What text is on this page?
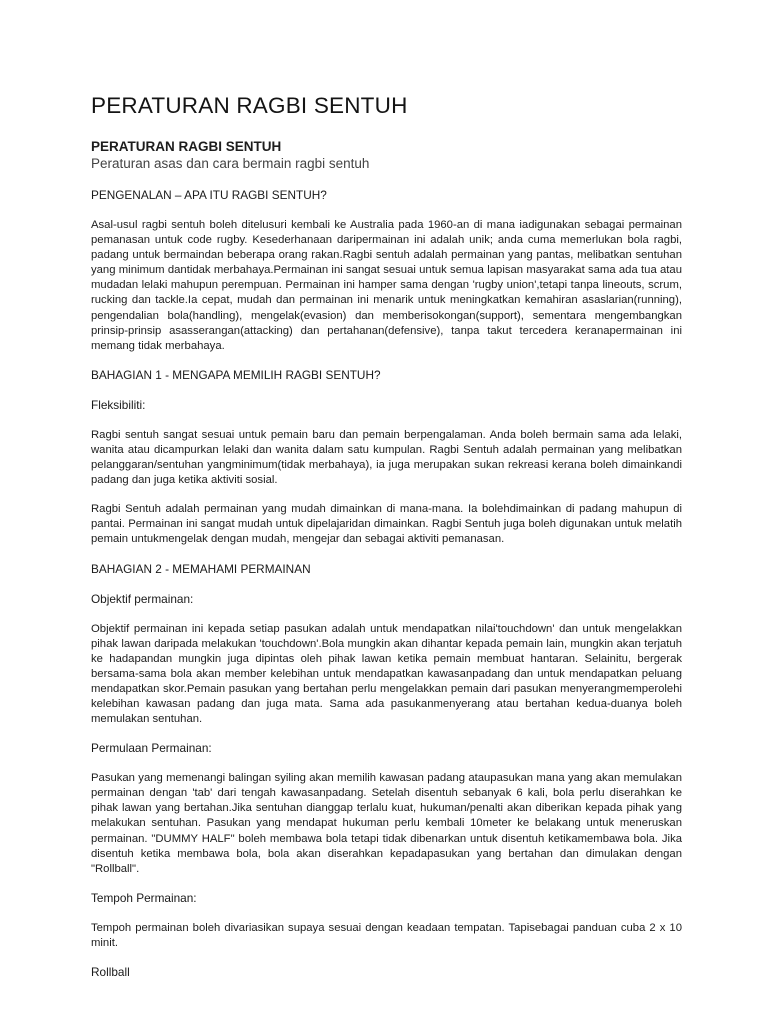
PERATURAN RAGBI SENTUH
PERATURAN RAGBI SENTUH
Peraturan asas dan cara bermain ragbi sentuh
PENGENALAN – APA ITU RAGBI SENTUH?

Asal-usul ragbi sentuh boleh ditelusuri kembali ke Australia pada 1960-an di mana iadigunakan sebagai permainan pemanasan untuk code rugby. Kesederhanaan daripermainan ini adalah unik; anda cuma memerlukan bola ragbi, padang untuk bermaindan beberapa orang rakan.Ragbi sentuh adalah permainan yang pantas, melibatkan sentuhan yang minimum dantidak merbahaya.Permainan ini sangat sesuai untuk semua lapisan masyarakat sama ada tua atau mudadan lelaki mahupun perempuan. Permainan ini hamper sama dengan 'rugby union',tetapi tanpa lineouts, scrum, rucking dan tackle.Ia cepat, mudah dan permainan ini menarik untuk meningkatkan kemahiran asaslarian(running), pengendalian bola(handling), mengelak(evasion) dan memberisokongan(support), sementara mengembangkan prinsip-prinsip asasserangan(attacking) dan pertahanan(defensive), tanpa takut tercedera keranapermainan ini memang tidak merbahaya.

BAHAGIAN 1 - MENGAPA MEMILIH RAGBI SENTUH?
Fleksibiliti:

Ragbi sentuh sangat sesuai untuk pemain baru dan pemain berpengalaman. Anda boleh bermain sama ada lelaki, wanita atau dicampurkan lelaki dan wanita dalam satu kumpulan. Ragbi Sentuh adalah permainan yang melibatkan pelanggaran/sentuhan yangminimum(tidak merbahaya), ia juga merupakan sukan rekreasi kerana boleh dimainkandi padang dan juga ketika aktiviti sosial.

Ragbi Sentuh adalah permainan yang mudah dimainkan di mana-mana. Ia bolehdimainkan di padang mahupun di pantai. Permainan ini sangat mudah untuk dipelajaridan dimainkan. Ragbi Sentuh juga boleh digunakan untuk melatih pemain untukmengelak dengan mudah, mengejar dan sebagai aktiviti pemanasan.

BAHAGIAN 2 - MEMAHAMI PERMAINAN
Objektif permainan:

Objektif permainan ini kepada setiap pasukan adalah untuk mendapatkan nilai'touchdown' dan untuk mengelakkan pihak lawan daripada melakukan 'touchdown'.Bola mungkin akan dihantar kepada pemain lain, mungkin akan terjatuh ke hadapandan mungkin juga dipintas oleh pihak lawan ketika pemain membuat hantaran. Selainitu, bergerak bersama-sama bola akan member kelebihan untuk mendapatkan kawasanpadang dan untuk mendapatkan peluang mendapatkan skor.Pemain pasukan yang bertahan perlu mengelakkan pemain dari pasukan menyerangmemperolehi kelebihan kawasan padang dan juga mata. Sama ada pasukanmenyerang atau bertahan kedua-duanya boleh memulakan sentuhan.

Permulaan Permainan:

Pasukan yang memenangi balingan syiling akan memilih kawasan padang ataupasukan mana yang akan memulakan permainan dengan 'tab' dari tengah kawasanpadang. Setelah disentuh sebanyak 6 kali, bola perlu diserahkan ke pihak lawan yang bertahan.Jika sentuhan dianggap terlalu kuat, hukuman/penalti akan diberikan kepada pihak yang melakukan sentuhan. Pasukan yang mendapat hukuman perlu kembali 10meter ke belakang untuk meneruskan permainan. "DUMMY HALF" boleh membawa bola tetapi tidak dibenarkan untuk disentuh ketikamembawa bola. Jika disentuh ketika membawa bola, bola akan diserahkan kepadapasukan yang bertahan dan dimulakan dengan "Rollball".

Tempoh Permainan:

Tempoh permainan boleh divariasikan supaya sesuai dengan keadaan tempatan. Tapisebagai panduan cuba 2 x 10 minit.

Rollball
